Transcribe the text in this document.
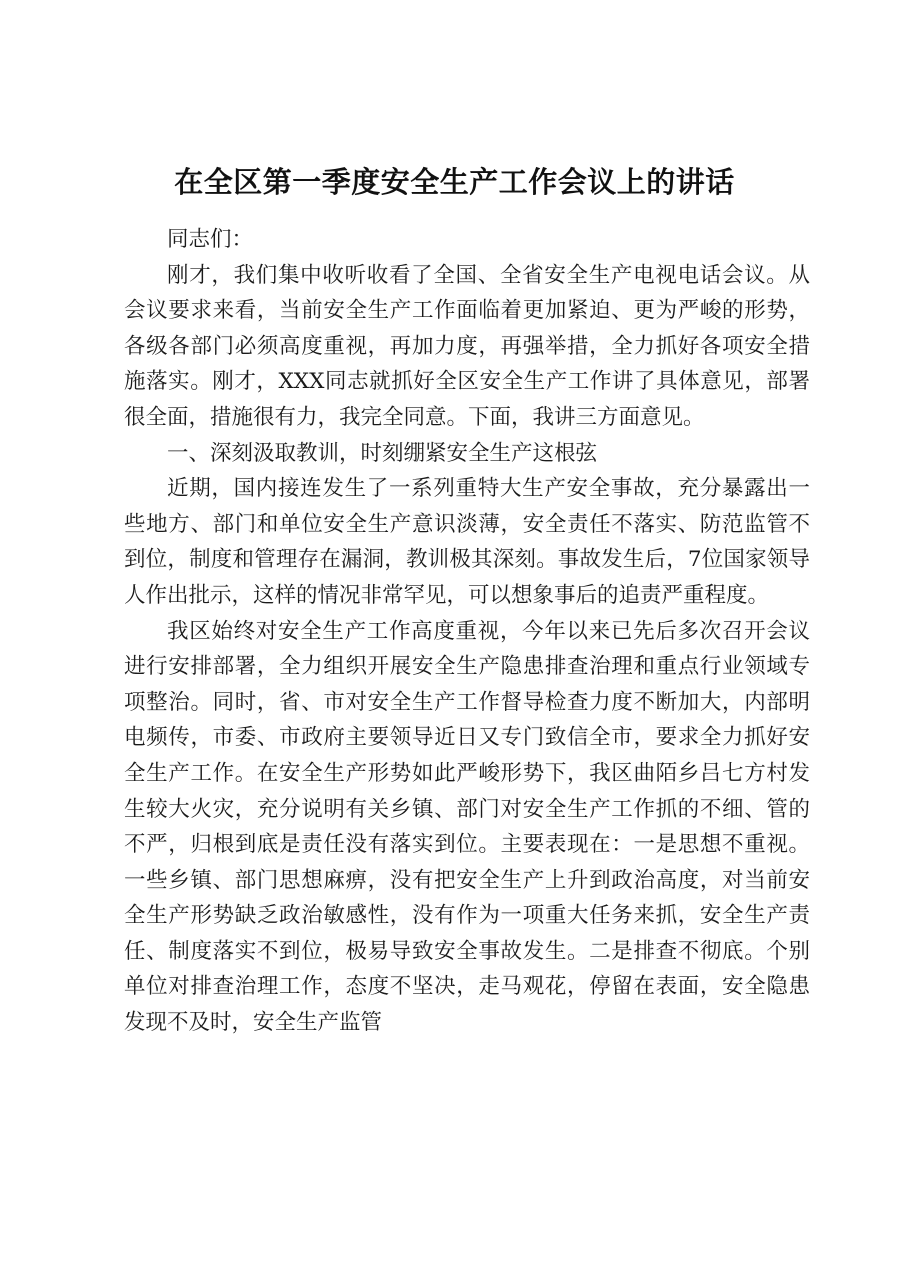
在全区第一季度安全生产工作会议上的讲话

同志们：

刚才，我们集中收听收看了全国、全省安全生产电视电话会议。从会议要求来看，当前安全生产工作面临着更加紧迫、更为严峻的形势，各级各部门必须高度重视，再加力度，再强举措，全力抓好各项安全措施落实。刚才，XXX同志就抓好全区安全生产工作讲了具体意见，部署很全面，措施很有力，我完全同意。下面，我讲三方面意见。

一、深刻汲取教训，时刻绷紧安全生产这根弦

近期，国内接连发生了一系列重特大生产安全事故，充分暴露出一些地方、部门和单位安全生产意识淡薄，安全责任不落实、防范监管不到位，制度和管理存在漏洞，教训极其深刻。事故发生后，7位国家领导人作出批示，这样的情况非常罕见，可以想象事后的追责严重程度。

我区始终对安全生产工作高度重视，今年以来已先后多次召开会议进行安排部署，全力组织开展安全生产隐患排查治理和重点行业领域专项整治。同时，省、市对安全生产工作督导检查力度不断加大，内部明电频传，市委、市政府主要领导近日又专门致信全市，要求全力抓好安全生产工作。在安全生产形势如此严峻形势下，我区曲陌乡吕七方村发生较大火灾，充分说明有关乡镇、部门对安全生产工作抓的不细、管的不严，归根到底是责任没有落实到位。主要表现在：一是思想不重视。一些乡镇、部门思想麻痹，没有把安全生产上升到政治高度，对当前安全生产形势缺乏政治敏感性，没有作为一项重大任务来抓，安全生产责任、制度落实不到位，极易导致安全事故发生。二是排查不彻底。个别单位对排查治理工作，态度不坚决，走马观花，停留在表面，安全隐患发现不及时，安全生产监管
